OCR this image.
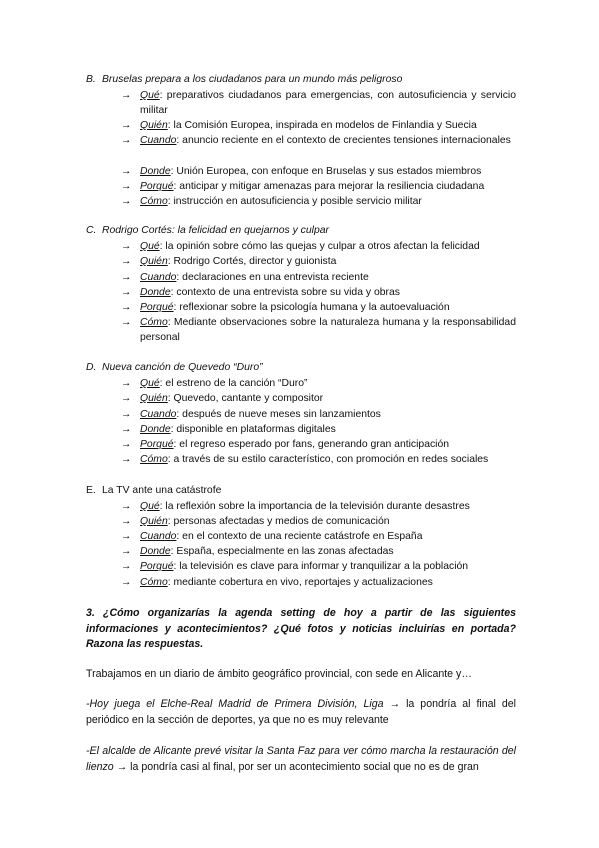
B. Bruselas prepara a los ciudadanos para un mundo más peligroso
→ Qué: preparativos ciudadanos para emergencias, con autosuficiencia y servicio militar
→ Quién: la Comisión Europea, inspirada en modelos de Finlandia y Suecia
→ Cuando: anuncio reciente en el contexto de crecientes tensiones internacionales
→ Donde: Unión Europea, con enfoque en Bruselas y sus estados miembros
→ Porqué: anticipar y mitigar amenazas para mejorar la resiliencia ciudadana
→ Cómo: instrucción en autosuficiencia y posible servicio militar
C. Rodrigo Cortés: la felicidad en quejarnos y culpar
→ Qué: la opinión sobre cómo las quejas y culpar a otros afectan la felicidad
→ Quién: Rodrigo Cortés, director y guionista
→ Cuando: declaraciones en una entrevista reciente
→ Donde: contexto de una entrevista sobre su vida y obras
→ Porqué: reflexionar sobre la psicología humana y la autoevaluación
→ Cómo: Mediante observaciones sobre la naturaleza humana y la responsabilidad personal
D. Nueva canción de Quevedo “Duro”
→ Qué: el estreno de la canción “Duro”
→ Quién: Quevedo, cantante y compositor
→ Cuando: después de nueve meses sin lanzamientos
→ Donde: disponible en plataformas digitales
→ Porqué: el regreso esperado por fans, generando gran anticipación
→ Cómo: a través de su estilo característico, con promoción en redes sociales
E. La TV ante una catástrofe
→ Qué: la reflexión sobre la importancia de la televisión durante desastres
→ Quién: personas afectadas y medios de comunicación
→ Cuando: en el contexto de una reciente catástrofe en España
→ Donde: España, especialmente en las zonas afectadas
→ Porqué: la televisión es clave para informar y tranquilizar a la población
→ Cómo: mediante cobertura en vivo, reportajes y actualizaciones
3. ¿Cómo organizarías la agenda setting de hoy a partir de las siguientes informaciones y acontecimientos? ¿Qué fotos y noticias incluirías en portada? Razona las respuestas.
Trabajamos en un diario de ámbito geográfico provincial, con sede en Alicante y…
-Hoy juega el Elche-Real Madrid de Primera División, Liga → la pondría al final del periódico en la sección de deportes, ya que no es muy relevante
-El alcalde de Alicante prevé visitar la Santa Faz para ver cómo marcha la restauración del lienzo → la pondría casi al final, por ser un acontecimiento social que no es de gran
